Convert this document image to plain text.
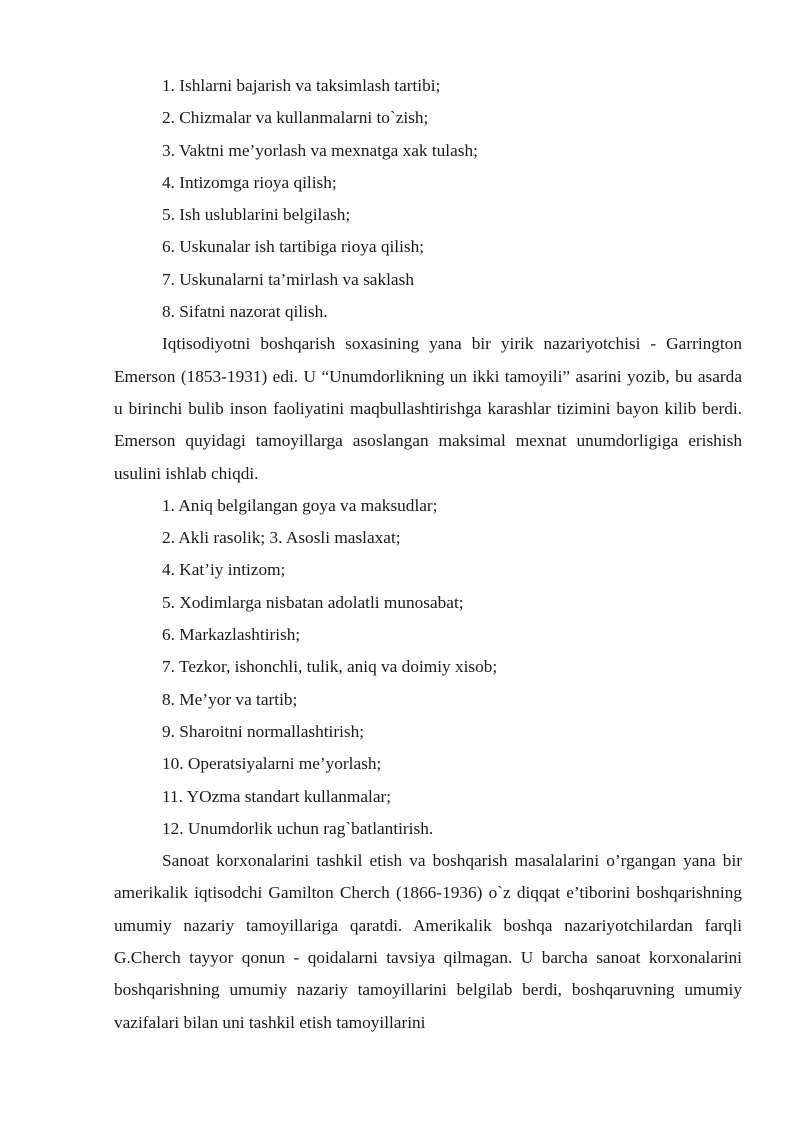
1. Ishlarni bajarish va taksimlash tartibi;
2. Chizmalar va kullanmalarni to`zish;
3. Vaktni me’yorlash va mexnatga xak tulash;
4. Intizomga rioya qilish;
5. Ish uslublarini belgilash;
6. Uskunalar ish tartibiga rioya qilish;
7. Uskunalarni ta’mirlash va saklash
8. Sifatni nazorat qilish.

Iqtisodiyotni boshqarish soxasining yana bir yirik nazariyotchisi - Garrington Emerson (1853-1931) edi. U “Unumdorlikning un ikki tamoyili” asarini yozib, bu asarda u birinchi bulib inson faoliyatini maqbullashtirishga karashlar tizimini bayon kilib berdi. Emerson quyidagi tamoyillarga asoslangan maksimal mexnat unumdorligiga erishish usulini ishlab chiqdi.

1. Aniq belgilangan goya va maksudlar;
2. Akli rasolik; 3. Asosli maslaxat;
4. Kat’iy intizom;
5. Xodimlarga nisbatan adolatli munosabat;
6. Markazlashtirish;
7. Tezkor, ishonchli, tulik, aniq va doimiy xisob;
8. Me’yor va tartib;
9. Sharoitni normallashtirish;
10. Operatsiyalarni me’yorlash;
11. YOzma standart kullanmalar;
12. Unumdorlik uchun rag`batlantirish.

Sanoat korxonalarini tashkil etish va boshqarish masalalarini o’rgangan yana bir amerikalik iqtisodchi Gamilton Cherch (1866-1936) o`z diqqat e’tiborini boshqarishning umumiy nazariy tamoyillariga qaratdi. Amerikalik boshqa nazariyotchilardan farqli G.Cherch tayyor qonun - qoidalarni tavsiya qilmagan. U barcha sanoat korxonalarini boshqarishning umumiy nazariy tamoyillarini belgilab berdi, boshqaruvning umumiy vazifalari bilan uni tashkil etish tamoyillarini
